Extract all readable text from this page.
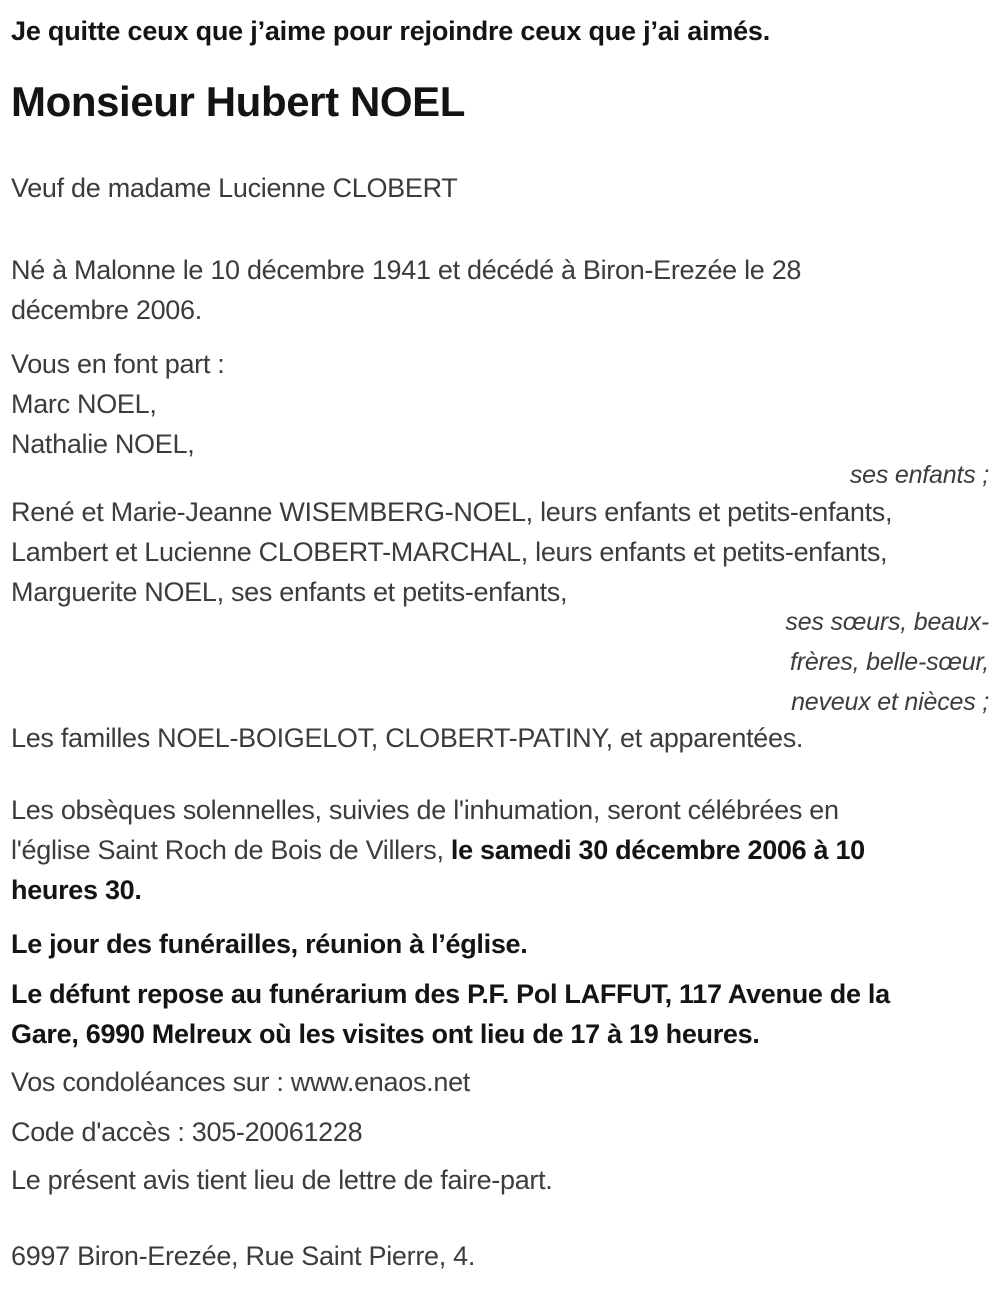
Je quitte ceux que j’aime pour rejoindre ceux que j’ai aimés.
Monsieur Hubert NOEL
Veuf de madame Lucienne CLOBERT
Né à Malonne le 10 décembre 1941 et décédé à Biron-Erezée le 28
décembre 2006.
Vous en font part :
Marc NOEL,
Nathalie NOEL,
ses enfants ;
René et Marie-Jeanne WISEMBERG-NOEL, leurs enfants et petits-enfants,
Lambert et Lucienne CLOBERT-MARCHAL, leurs enfants et petits-enfants,
Marguerite NOEL, ses enfants et petits-enfants,
ses sœurs, beaux-
frères, belle-sœur,
neveux et nièces ;
Les familles NOEL-BOIGELOT, CLOBERT-PATINY, et apparentées.
Les obsèques solennelles, suivies de l'inhumation, seront célébrées en
l'église Saint Roch de Bois de Villers, le samedi 30 décembre 2006 à 10
heures 30.
Le jour des funérailles, réunion à l’église.
Le défunt repose au funérarium des P.F. Pol LAFFUT, 117 Avenue de la
Gare, 6990 Melreux où les visites ont lieu de 17 à 19 heures.
Vos condoléances sur : www.enaos.net
Code d'accès : 305-20061228
Le présent avis tient lieu de lettre de faire-part.
6997 Biron-Erezée, Rue Saint Pierre, 4.
